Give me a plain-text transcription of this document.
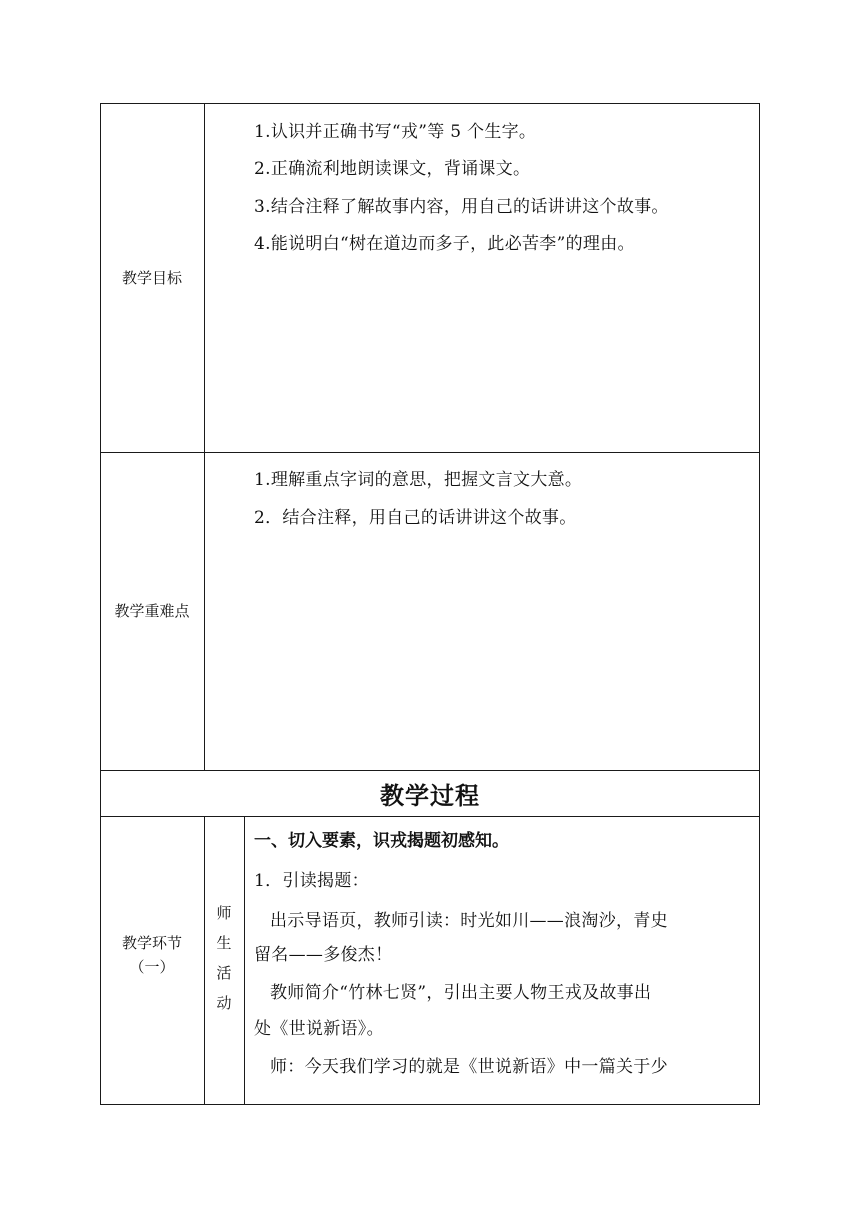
教学目标
1.认识并正确书写“戎”等 5 个生字。
2.正确流利地朗读课文，背诵课文。
3.结合注释了解故事内容，用自己的话讲讲这个故事。
4.能说明白“树在道边而多子，此必苦李”的理由。
教学重难点
1.理解重点字词的意思，把握文言文大意。
2．结合注释，用自己的话讲讲这个故事。
教学过程
教学环节
（一）
师
生
活
动
一、切入要素，识戎揭题初感知。
1．引读揭题：
出示导语页，教师引读：时光如川——浪淘沙，青史
留名——多俊杰！
教师简介“竹林七贤”，引出主要人物王戎及故事出
处《世说新语》。
师：今天我们学习的就是《世说新语》中一篇关于少
